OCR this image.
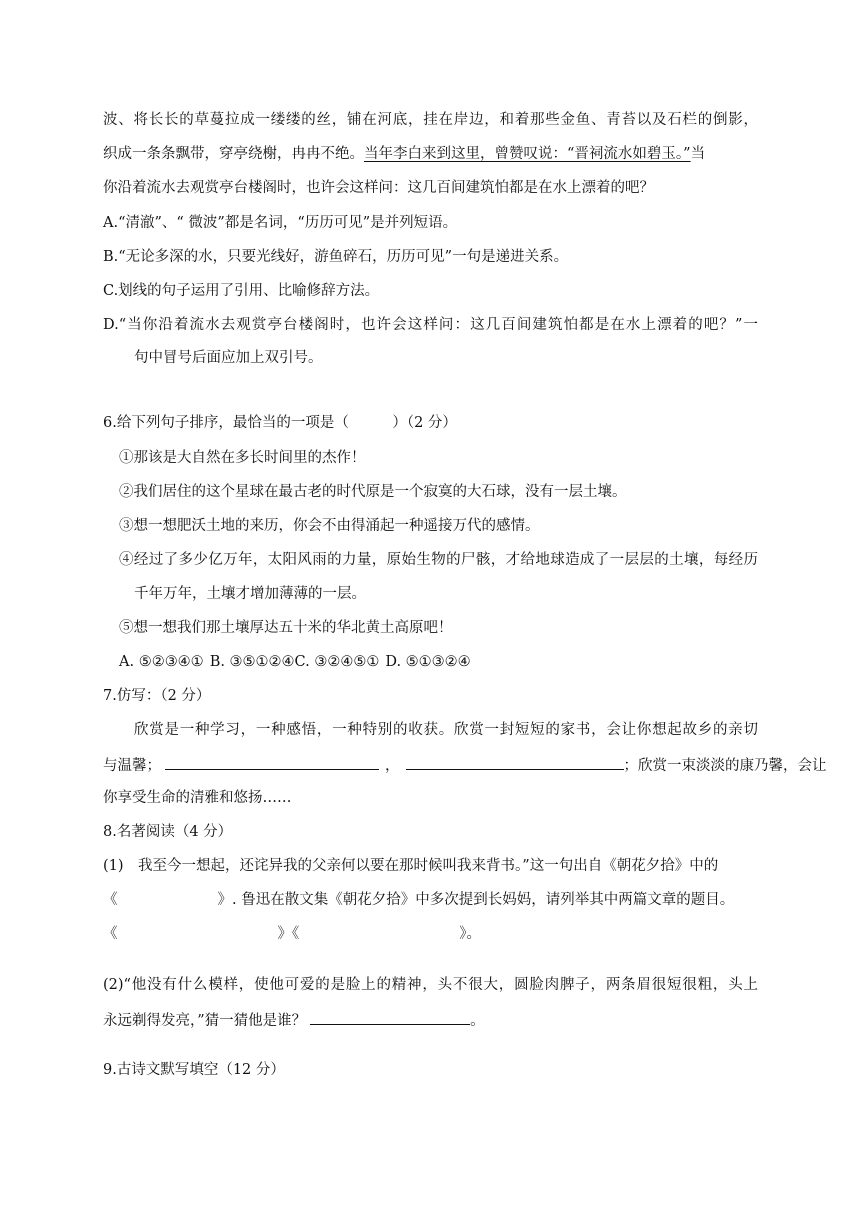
波、将长长的草蔓拉成一缕缕的丝，铺在河底，挂在岸边，和着那些金鱼、青苔以及石栏的倒影，
织成一条条飘带，穿亭绕榭，冉冉不绝。当年李白来到这里，曾赞叹说：“晋祠流水如碧玉。”当
你沿着流水去观赏亭台楼阁时，也许会这样问：这几百间建筑怕都是在水上漂着的吧？
A.“清澈”、“ 微波”都是名词，“历历可见”是并列短语。
B.“无论多深的水，只要光线好，游鱼碎石，历历可见”一句是递进关系。
C.划线的句子运用了引用、比喻修辞方法。
D.“当你沿着流水去观赏亭台楼阁时，也许会这样问：这几百间建筑怕都是在水上漂着的吧？”一
句中冒号后面应加上双引号。
6.给下列句子排序，最恰当的一项是（　　　）（2 分）
①那该是大自然在多长时间里的杰作！
②我们居住的这个星球在最古老的时代原是一个寂寞的大石球，没有一层土壤。
③想一想肥沃土地的来历，你会不由得涌起一种遥接万代的感情。
④经过了多少亿万年，太阳风雨的力量，原始生物的尸骸，才给地球造成了一层层的土壤，每经历
千年万年，土壤才增加薄薄的一层。
⑤想一想我们那土壤厚达五十米的华北黄土高原吧！
A. ⑤②③④① B. ③⑤①②④C. ③②④⑤① D. ⑤①③②④
7.仿写：（2 分）
欣赏是一种学习，一种感悟，一种特别的收获。欣赏一封短短的家书，会让你想起故乡的亲切
与温馨；	，	；欣赏一束淡淡的康乃馨，会让
你享受生命的清雅和悠扬……
8.名著阅读（4 分）
(1)　我至今一想起，还诧异我的父亲何以要在那时候叫我来背书。”这一句出自《朝花夕拾》中的
《	》. 鲁迅在散文集《朝花夕拾》中多次提到长妈妈，请列举其中两篇文章的题目。
《	》《	》。
(2)“他没有什么模样，使他可爱的是脸上的精神，头不很大，圆脸肉脾子，两条眉很短很粗，头上
永远剃得发亮，”猜一猜他是谁？	。
9.古诗文默写填空（12 分）
